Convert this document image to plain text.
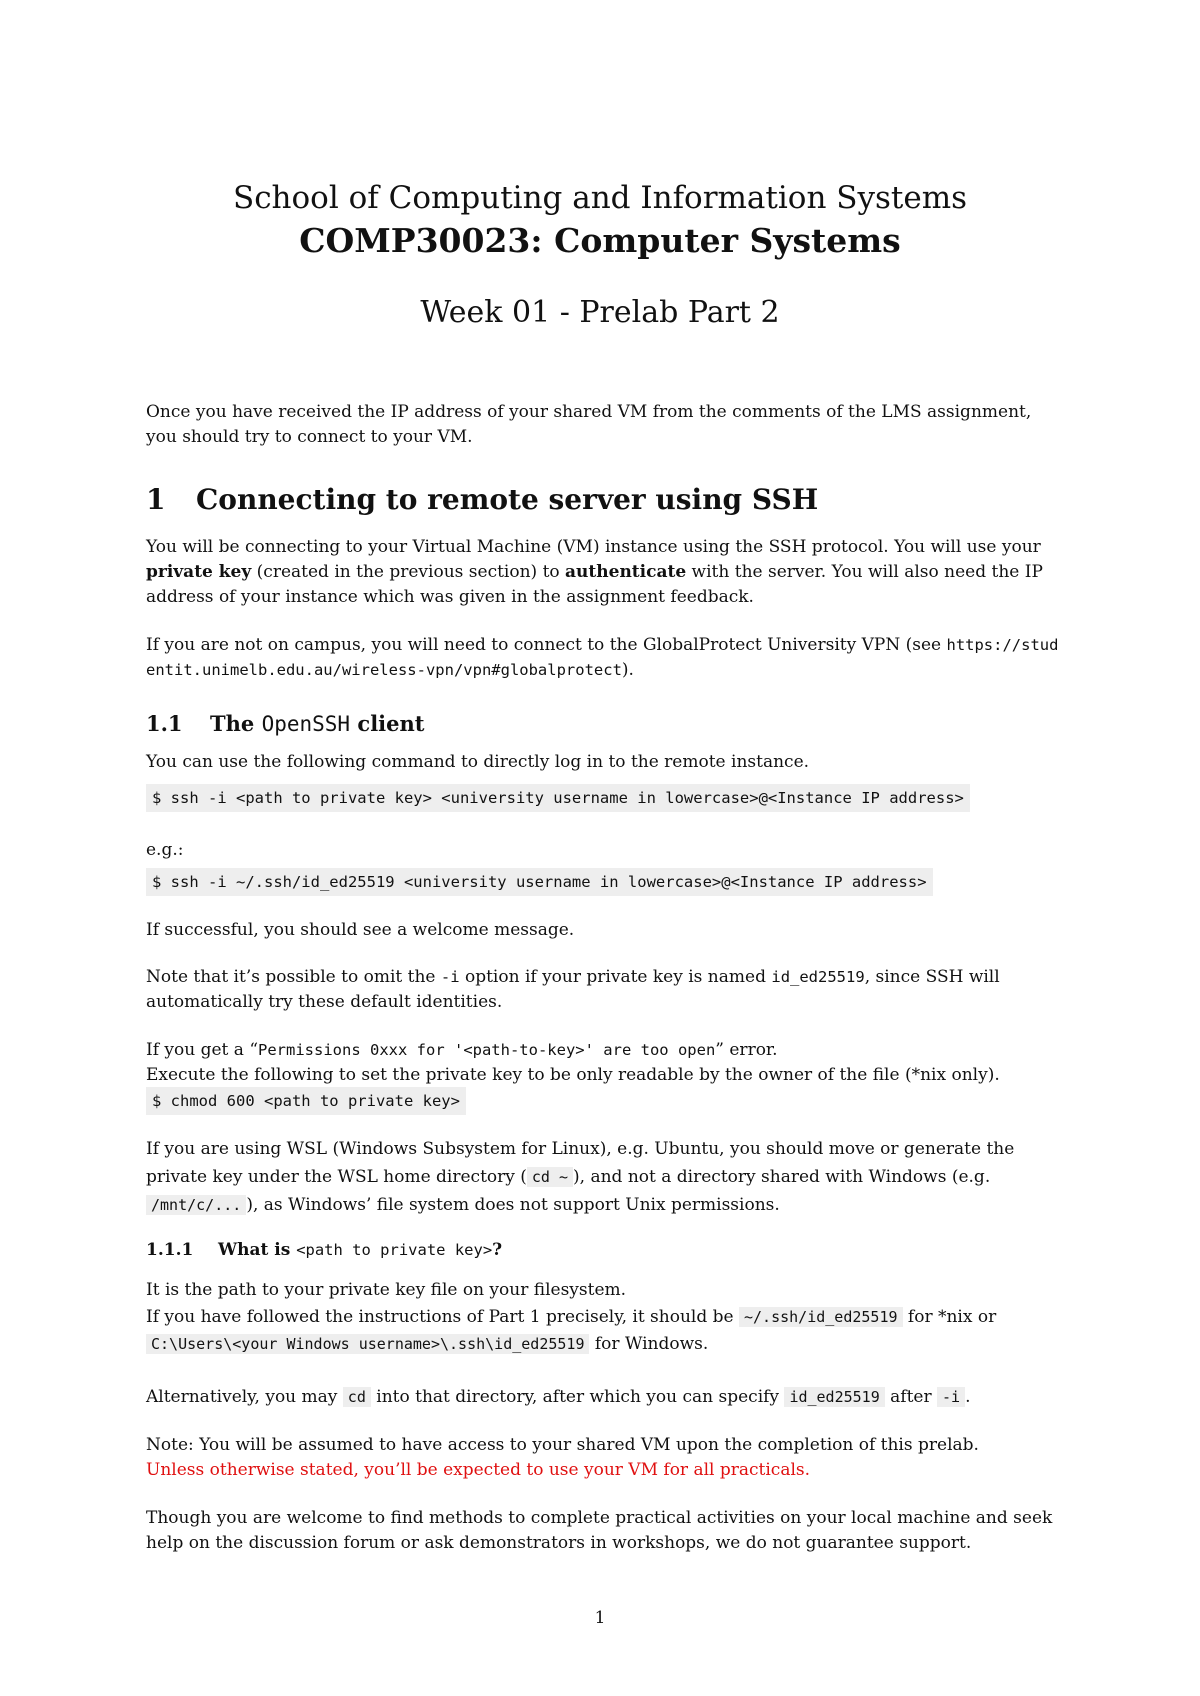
School of Computing and Information Systems
COMP30023: Computer Systems
Week 01 - Prelab Part 2

Once you have received the IP address of your shared VM from the comments of the LMS assignment, you should try to connect to your VM.

1 Connecting to remote server using SSH

You will be connecting to your Virtual Machine (VM) instance using the SSH protocol. You will use your private key (created in the previous section) to authenticate with the server. You will also need the IP address of your instance which was given in the assignment feedback.

If you are not on campus, you will need to connect to the GlobalProtect University VPN (see https://studentit.unimelb.edu.au/wireless-vpn/vpn#globalprotect).

1.1 The OpenSSH client

You can use the following command to directly log in to the remote instance.

$ ssh -i <path to private key> <university username in lowercase>@<Instance IP address>

e.g.:

$ ssh -i ~/.ssh/id_ed25519 <university username in lowercase>@<Instance IP address>

If successful, you should see a welcome message.

Note that it’s possible to omit the -i option if your private key is named id_ed25519, since SSH will automatically try these default identities.

If you get a “Permissions 0xxx for '<path-to-key>' are too open” error.
Execute the following to set the private key to be only readable by the owner of the file (*nix only).

$ chmod 600 <path to private key>

If you are using WSL (Windows Subsystem for Linux), e.g. Ubuntu, you should move or generate the private key under the WSL home directory ( cd ~ ), and not a directory shared with Windows (e.g. /mnt/c/... ), as Windows’ file system does not support Unix permissions.

1.1.1 What is <path to private key>?

It is the path to your private key file on your filesystem.
If you have followed the instructions of Part 1 precisely, it should be ~/.ssh/id_ed25519 for *nix or C:\Users\<your Windows username>\.ssh\id_ed25519 for Windows.

Alternatively, you may cd into that directory, after which you can specify id_ed25519 after -i .

Note: You will be assumed to have access to your shared VM upon the completion of this prelab.
Unless otherwise stated, you’ll be expected to use your VM for all practicals.

Though you are welcome to find methods to complete practical activities on your local machine and seek help on the discussion forum or ask demonstrators in workshops, we do not guarantee support.

1
